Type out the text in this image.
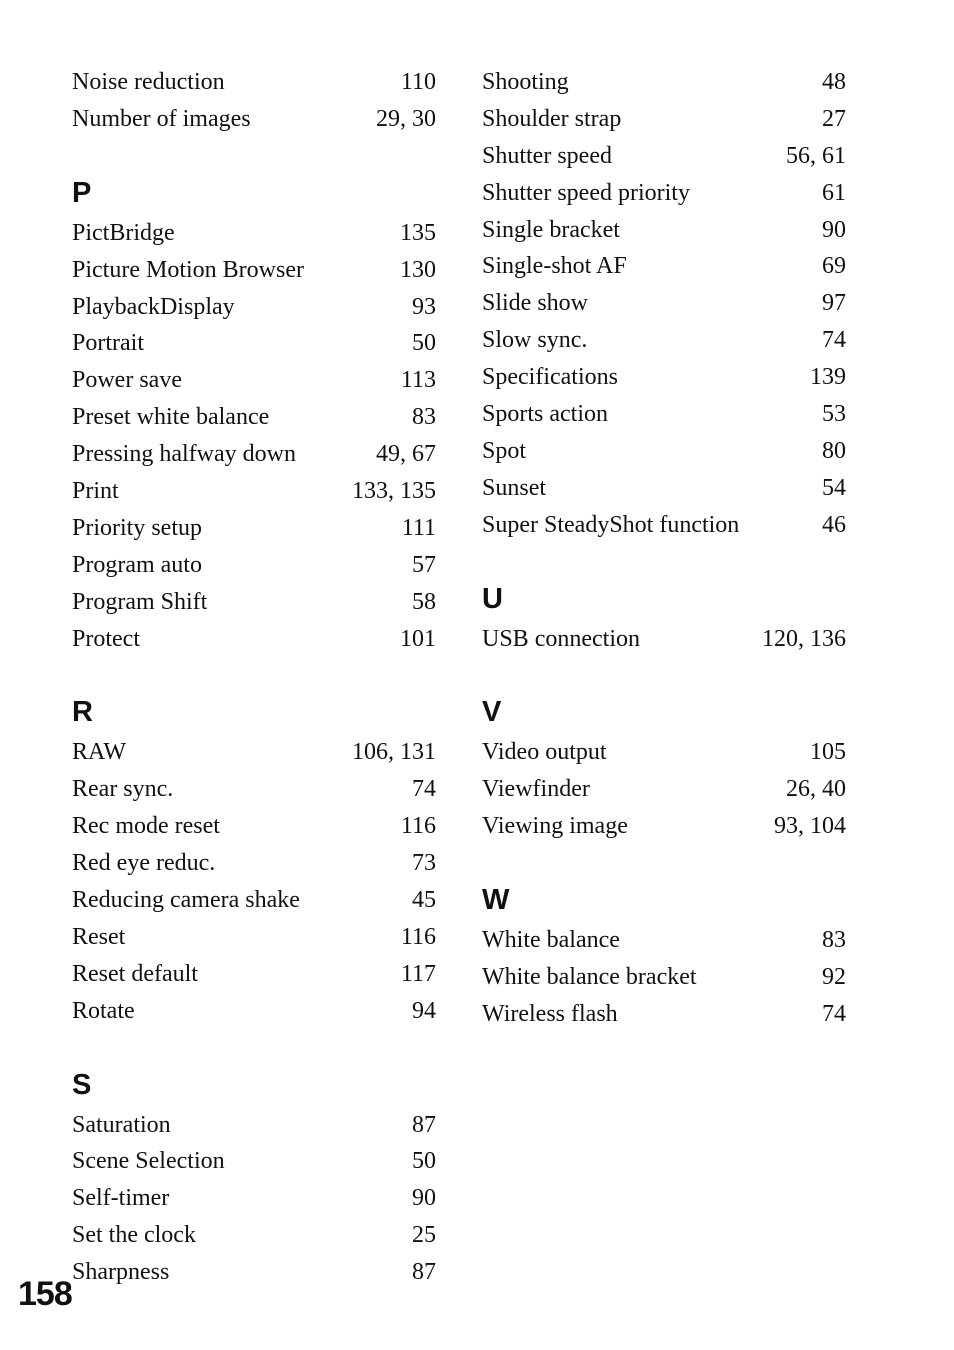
Noise reduction	110
Number of images	29, 30
P
PictBridge	135
Picture Motion Browser	130
PlaybackDisplay	93
Portrait	50
Power save	113
Preset white balance	83
Pressing halfway down	49, 67
Print	133, 135
Priority setup	111
Program auto	57
Program Shift	58
Protect	101
R
RAW	106, 131
Rear sync.	74
Rec mode reset	116
Red eye reduc.	73
Reducing camera shake	45
Reset	116
Reset default	117
Rotate	94
S
Saturation	87
Scene Selection	50
Self-timer	90
Set the clock	25
Sharpness	87
Shooting	48
Shoulder strap	27
Shutter speed	56, 61
Shutter speed priority	61
Single bracket	90
Single-shot AF	69
Slide show	97
Slow sync.	74
Specifications	139
Sports action	53
Spot	80
Sunset	54
Super SteadyShot function	46
U
USB connection	120, 136
V
Video output	105
Viewfinder	26, 40
Viewing image	93, 104
W
White balance	83
White balance bracket	92
Wireless flash	74
158
